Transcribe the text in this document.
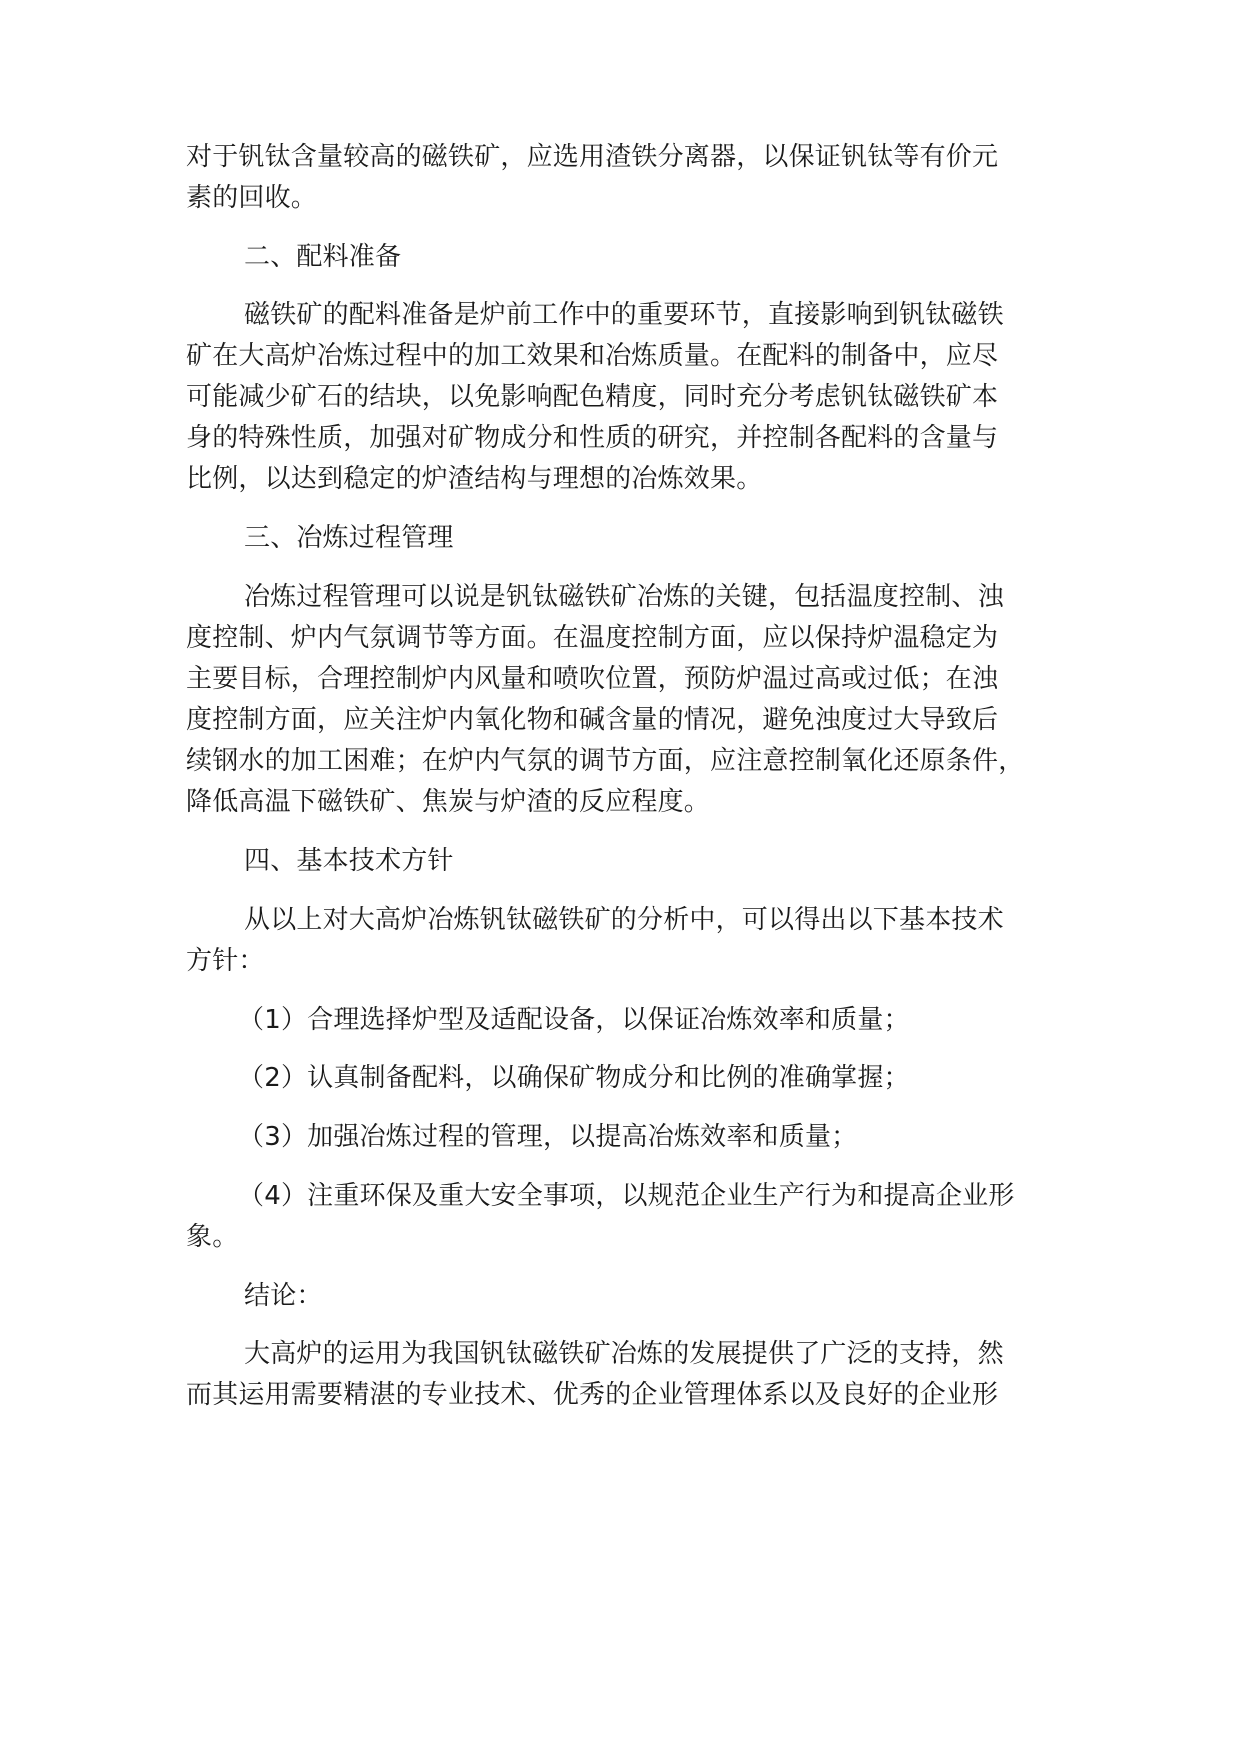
对于钒钛含量较高的磁铁矿，应选用渣铁分离器，以保证钒钛等有价元

素的回收。

二、配料准备

磁铁矿的配料准备是炉前工作中的重要环节，直接影响到钒钛磁铁

矿在大高炉冶炼过程中的加工效果和冶炼质量。在配料的制备中，应尽

可能减少矿石的结块，以免影响配色精度，同时充分考虑钒钛磁铁矿本

身的特殊性质，加强对矿物成分和性质的研究，并控制各配料的含量与

比例，以达到稳定的炉渣结构与理想的冶炼效果。

三、冶炼过程管理

冶炼过程管理可以说是钒钛磁铁矿冶炼的关键，包括温度控制、浊

度控制、炉内气氛调节等方面。在温度控制方面，应以保持炉温稳定为

主要目标，合理控制炉内风量和喷吹位置，预防炉温过高或过低；在浊

度控制方面，应关注炉内氧化物和碱含量的情况，避免浊度过大导致后

续钢水的加工困难；在炉内气氛的调节方面，应注意控制氧化还原条件，

降低高温下磁铁矿、焦炭与炉渣的反应程度。

四、基本技术方针

从以上对大高炉冶炼钒钛磁铁矿的分析中，可以得出以下基本技术

方针：

（1）合理选择炉型及适配设备，以保证冶炼效率和质量；

（2）认真制备配料，以确保矿物成分和比例的准确掌握；

（3）加强冶炼过程的管理，以提高冶炼效率和质量；

（4）注重环保及重大安全事项，以规范企业生产行为和提高企业形

象。

结论：

大高炉的运用为我国钒钛磁铁矿冶炼的发展提供了广泛的支持，然

而其运用需要精湛的专业技术、优秀的企业管理体系以及良好的企业形
